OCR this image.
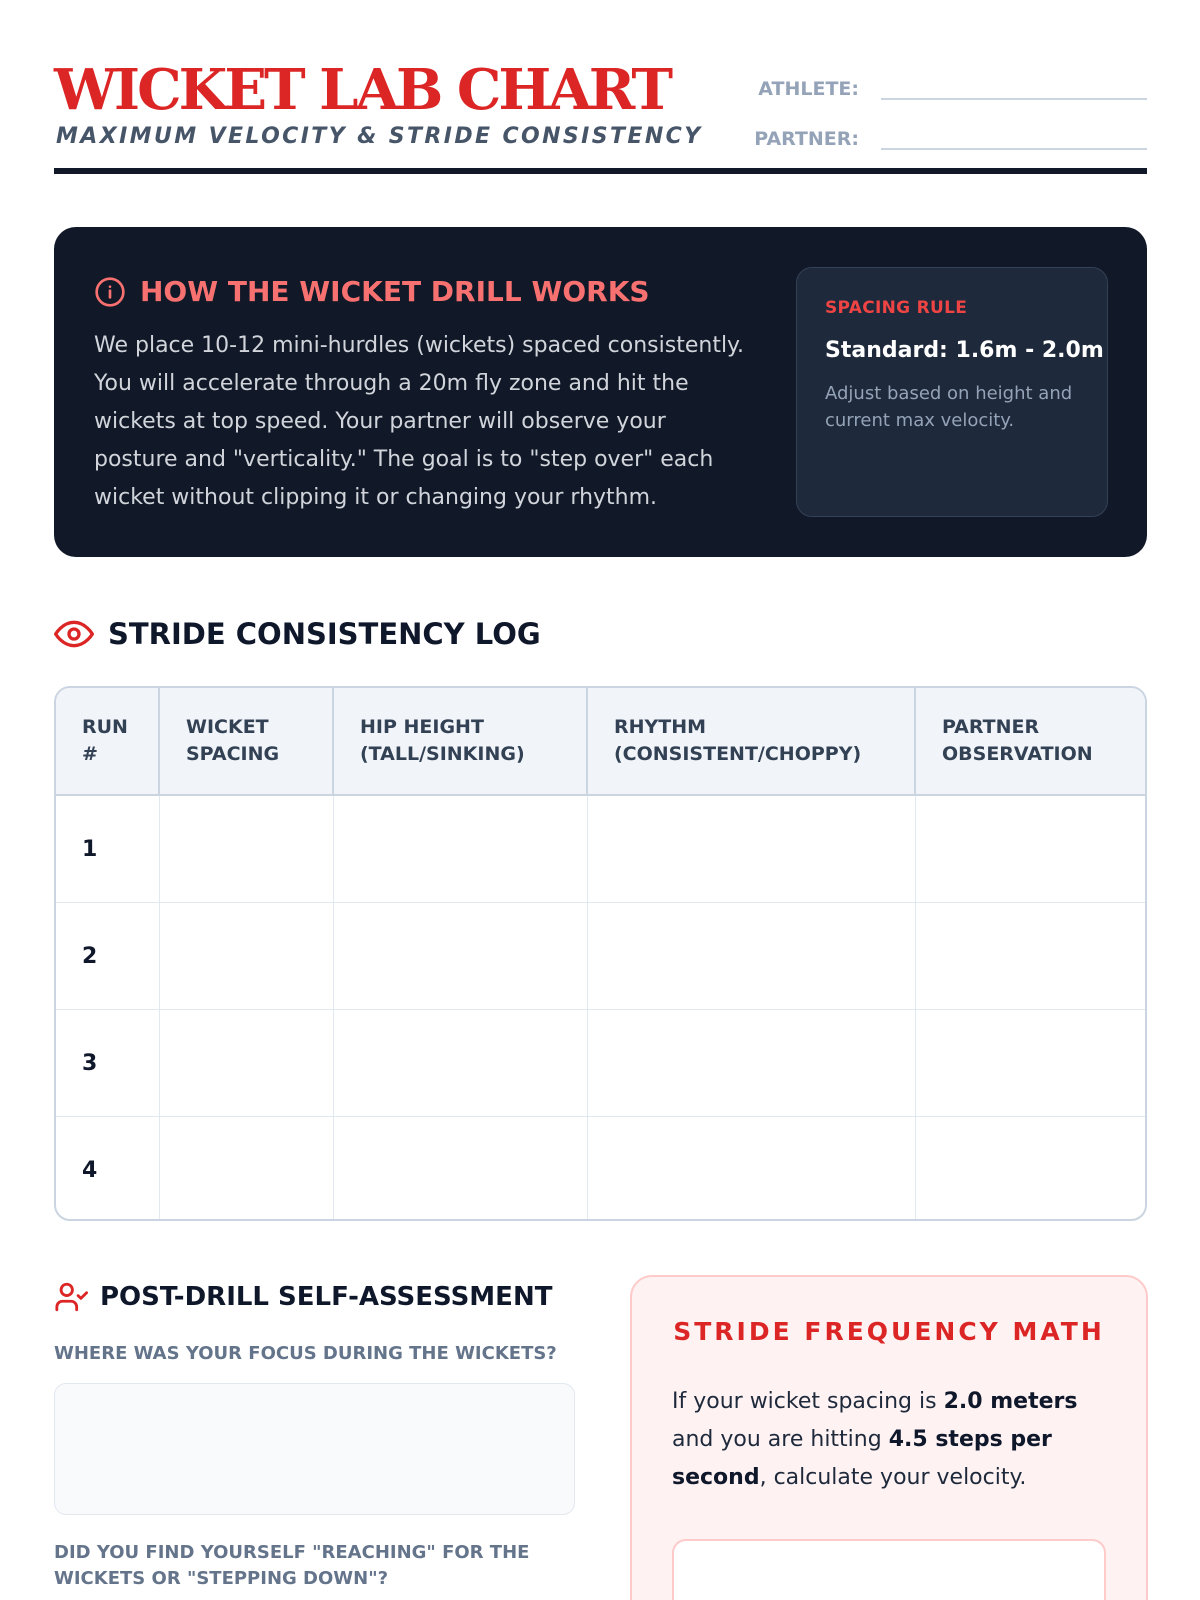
WICKET LAB CHART
MAXIMUM VELOCITY & STRIDE CONSISTENCY
ATHLETE:
PARTNER:
HOW THE WICKET DRILL WORKS

We place 10-12 mini-hurdles (wickets) spaced consistently. You will accelerate through a 20m fly zone and hit the wickets at top speed. Your partner will observe your posture and "verticality." The goal is to "step over" each wicket without clipping it or changing your rhythm.

SPACING RULE
Standard: 1.6m - 2.0m
Adjust based on height and current max velocity.
STRIDE CONSISTENCY LOG
RUN
#
WICKET
SPACING
HIP HEIGHT
(TALL/SINKING)
RHYTHM
(CONSISTENT/CHOPPY)
PARTNER
OBSERVATION
1
2
3
4
POST-DRILL SELF-ASSESSMENT
WHERE WAS YOUR FOCUS DURING THE WICKETS?
DID YOU FIND YOURSELF "REACHING" FOR THE WICKETS OR "STEPPING DOWN"?
STRIDE FREQUENCY MATH

If your wicket spacing is 2.0 meters and you are hitting 4.5 steps per second, calculate your velocity.
